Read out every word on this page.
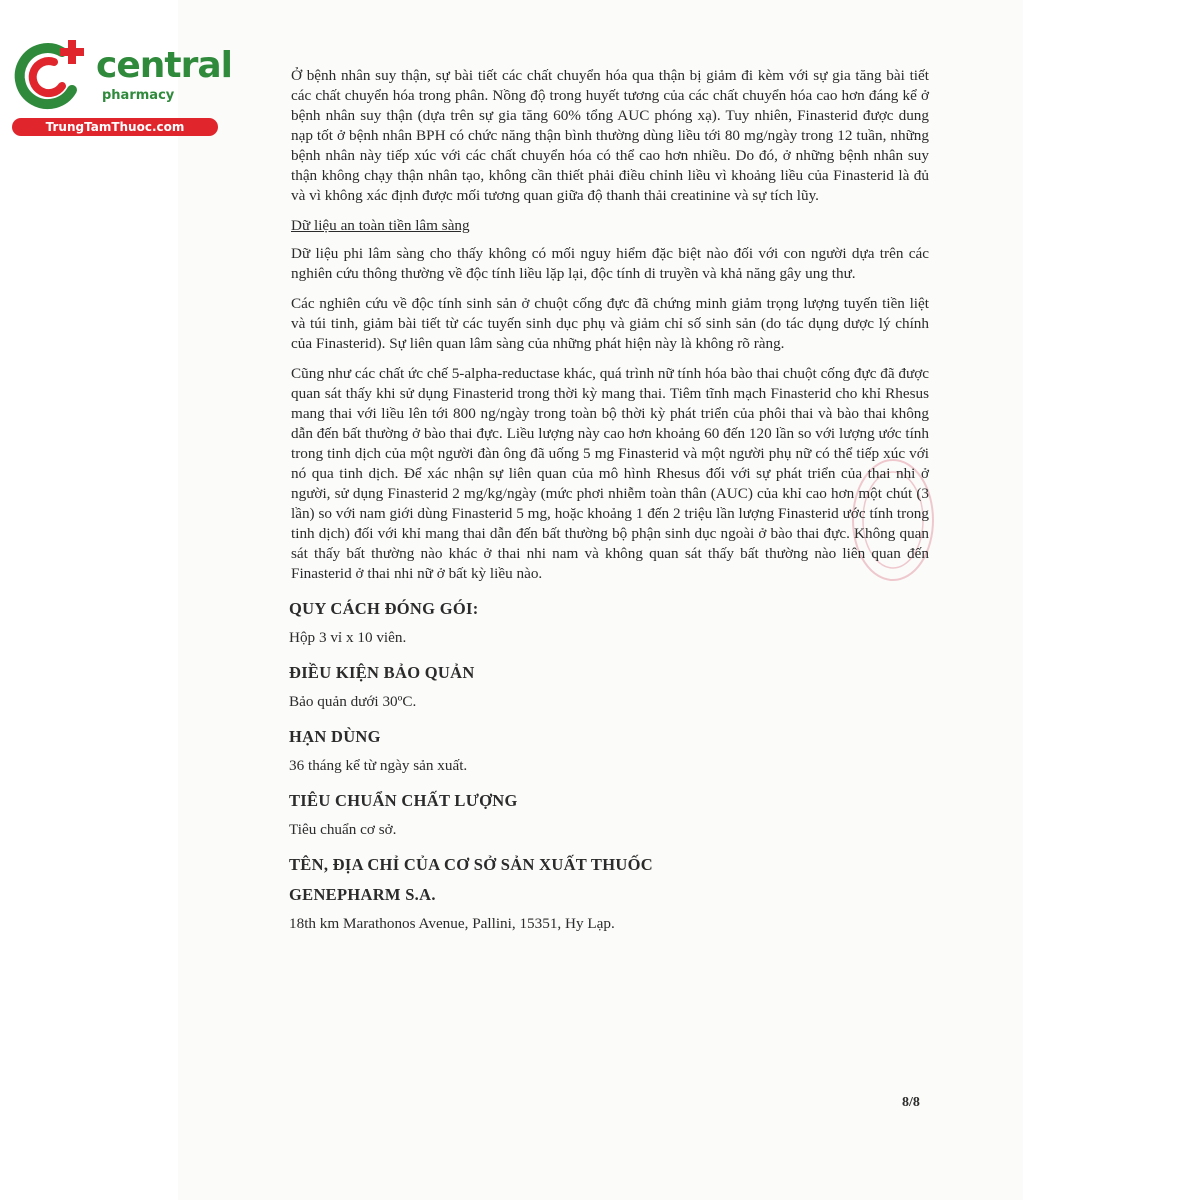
central
pharmacy
TrungTamThuoc.com

Ở bệnh nhân suy thận, sự bài tiết các chất chuyển hóa qua thận bị giảm đi kèm với sự gia tăng bài tiết các chất chuyển hóa trong phân. Nồng độ trong huyết tương của các chất chuyển hóa cao hơn đáng kể ở bệnh nhân suy thận (dựa trên sự gia tăng 60% tổng AUC phóng xạ). Tuy nhiên, Finasterid được dung nạp tốt ở bệnh nhân BPH có chức năng thận bình thường dùng liều tới 80 mg/ngày trong 12 tuần, những bệnh nhân này tiếp xúc với các chất chuyển hóa có thể cao hơn nhiều. Do đó, ở những bệnh nhân suy thận không chạy thận nhân tạo, không cần thiết phải điều chỉnh liều vì khoảng liều của Finasterid là đủ và vì không xác định được mối tương quan giữa độ thanh thải creatinine và sự tích lũy.

Dữ liệu an toàn tiền lâm sàng

Dữ liệu phi lâm sàng cho thấy không có mối nguy hiểm đặc biệt nào đối với con người dựa trên các nghiên cứu thông thường về độc tính liều lặp lại, độc tính di truyền và khả năng gây ung thư.

Các nghiên cứu về độc tính sinh sản ở chuột cống đực đã chứng minh giảm trọng lượng tuyến tiền liệt và túi tinh, giảm bài tiết từ các tuyến sinh dục phụ và giảm chỉ số sinh sản (do tác dụng dược lý chính của Finasterid). Sự liên quan lâm sàng của những phát hiện này là không rõ ràng.

Cũng như các chất ức chế 5-alpha-reductase khác, quá trình nữ tính hóa bào thai chuột cống đực đã được quan sát thấy khi sử dụng Finasterid trong thời kỳ mang thai. Tiêm tĩnh mạch Finasterid cho khỉ Rhesus mang thai với liều lên tới 800 ng/ngày trong toàn bộ thời kỳ phát triển của phôi thai và bào thai không dẫn đến bất thường ở bào thai đực. Liều lượng này cao hơn khoảng 60 đến 120 lần so với lượng ước tính trong tinh dịch của một người đàn ông đã uống 5 mg Finasterid và một người phụ nữ có thể tiếp xúc với nó qua tinh dịch. Để xác nhận sự liên quan của mô hình Rhesus đối với sự phát triển của thai nhi ở người, sử dụng Finasterid 2 mg/kg/ngày (mức phơi nhiễm toàn thân (AUC) của khỉ cao hơn một chút (3 lần) so với nam giới dùng Finasterid 5 mg, hoặc khoảng 1 đến 2 triệu lần lượng Finasterid ước tính trong tinh dịch) đối với khỉ mang thai dẫn đến bất thường bộ phận sinh dục ngoài ở bào thai đực. Không quan sát thấy bất thường nào khác ở thai nhi nam và không quan sát thấy bất thường nào liên quan đến Finasterid ở thai nhi nữ ở bất kỳ liều nào.

QUY CÁCH ĐÓNG GÓI:
Hộp 3 vỉ x 10 viên.
ĐIỀU KIỆN BẢO QUẢN
Bảo quản dưới 30ºC.
HẠN DÙNG
36 tháng kể từ ngày sản xuất.
TIÊU CHUẨN CHẤT LƯỢNG
Tiêu chuẩn cơ sở.
TÊN, ĐỊA CHỈ CỦA CƠ SỞ SẢN XUẤT THUỐC
GENEPHARM S.A.
18th km Marathonos Avenue, Pallini, 15351, Hy Lạp.
8/8
